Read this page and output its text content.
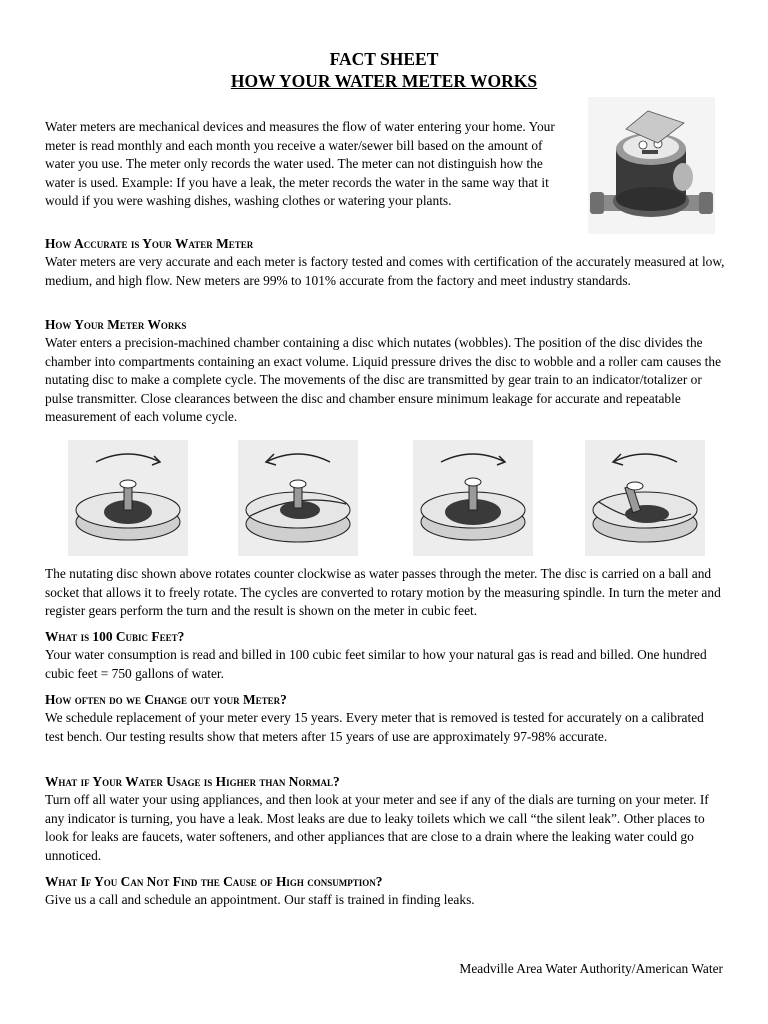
FACT SHEET
HOW YOUR WATER METER WORKS

Water meters are mechanical devices and measures the flow of water entering your home. Your meter is read monthly and each month you receive a water/sewer bill based on the amount of water you use. The meter only records the water used. The meter can not distinguish how the water is used. Example: If you have a leak, the meter records the water in the same way that it would if you were washing dishes, washing clothes or watering your plants.

How Accurate is Your Water Meter

Water meters are very accurate and each meter is factory tested and comes with certification of the accurately measured at low, medium, and high flow. New meters are 99% to 101% accurate from the factory and meet industry standards.

How Your Meter Works

Water enters a precision-machined chamber containing a disc which nutates (wobbles). The position of the disc divides the chamber into compartments containing an exact volume. Liquid pressure drives the disc to wobble and a roller cam causes the nutating disc to make a complete cycle. The movements of the disc are transmitted by gear train to an indicator/totalizer or pulse transmitter. Close clearances between the disc and chamber ensure minimum leakage for accurate and repeatable measurement of each volume cycle.

The nutating disc shown above rotates counter clockwise as water passes through the meter. The disc is carried on a ball and socket that allows it to freely rotate. The cycles are converted to rotary motion by the measuring spindle. In turn the meter and register gears perform the turn and the result is shown on the meter in cubic feet.

What is 100 Cubic Feet?

Your water consumption is read and billed in 100 cubic feet similar to how your natural gas is read and billed. One hundred cubic feet = 750 gallons of water.

How often do we Change out your Meter?

We schedule replacement of your meter every 15 years. Every meter that is removed is tested for accurately on a calibrated test bench. Our testing results show that meters after 15 years of use are approximately 97-98% accurate.

What if Your Water Usage is Higher than Normal?

Turn off all water your using appliances, and then look at your meter and see if any of the dials are turning on your meter. If any indicator is turning, you have a leak. Most leaks are due to leaky toilets which we call “the silent leak”. Other places to look for leaks are faucets, water softeners, and other appliances that are close to a drain where the leaking water could go unnoticed.

What If You Can Not Find the Cause of High consumption?

Give us a call and schedule an appointment. Our staff is trained in finding leaks.

Meadville Area Water Authority/American Water
